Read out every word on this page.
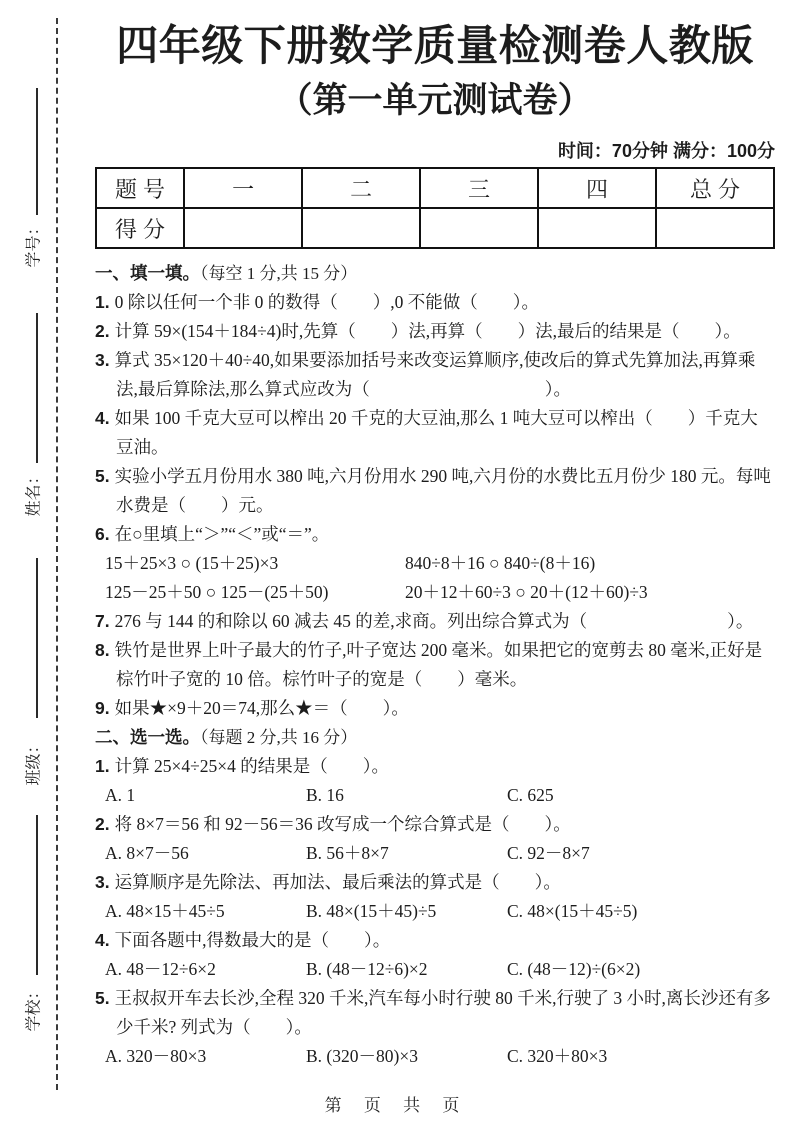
学号：
姓名：
班级：
学校：
四年级下册数学质量检测卷人教版
（第一单元测试卷）
时间：70分钟 满分：100分
题号	一	二	三	四	总分
得分					
一、填一填。（每空 1 分,共 15 分）

1. 0 除以任何一个非 0 的数得（　　）,0 不能做（　　）。

2. 计算 59×(154＋184÷4)时,先算（　　）法,再算（　　）法,最后的结果是（　　）。

3. 算式 35×120＋40÷40,如果要添加括号来改变运算顺序,使改后的算式先算加法,再算乘法,最后算除法,那么算式应改为（　　　　　　　　　　）。

4. 如果 100 千克大豆可以榨出 20 千克的大豆油,那么 1 吨大豆可以榨出（　　）千克大豆油。

5. 实验小学五月份用水 380 吨,六月份用水 290 吨,六月份的水费比五月份少 180 元。每吨水费是（　　）元。

6. 在○里填上“＞”“＜”或“＝”。

15＋25×3 ○ (15＋25)×3	840÷8＋16 ○ 840÷(8＋16)
125－25＋50 ○ 125－(25＋50)	20＋12＋60÷3 ○ 20＋(12＋60)÷3

7. 276 与 144 的和除以 60 减去 45 的差,求商。列出综合算式为（　　　　　　　　）。

8. 铁竹是世界上叶子最大的竹子,叶子宽达 200 毫米。如果把它的宽剪去 80 毫米,正好是棕竹叶子宽的 10 倍。棕竹叶子的宽是（　　）毫米。

9. 如果★×9＋20＝74,那么★＝（　　）。

二、选一选。（每题 2 分,共 16 分）

1. 计算 25×4÷25×4 的结果是（　　）。

A. 1	B. 16	C. 625

2. 将 8×7＝56 和 92－56＝36 改写成一个综合算式是（　　）。

A. 8×7－56	B. 56＋8×7	C. 92－8×7

3. 运算顺序是先除法、再加法、最后乘法的算式是（　　）。

A. 48×15＋45÷5	B. 48×(15＋45)÷5	C. 48×(15＋45÷5)

4. 下面各题中,得数最大的是（　　）。

A. 48－12÷6×2	B. (48－12÷6)×2	C. (48－12)÷(6×2)

5. 王叔叔开车去长沙,全程 320 千米,汽车每小时行驶 80 千米,行驶了 3 小时,离长沙还有多少千米? 列式为（　　）。

A. 320－80×3	B. (320－80)×3	C. 320＋80×3
第 页 共 页
